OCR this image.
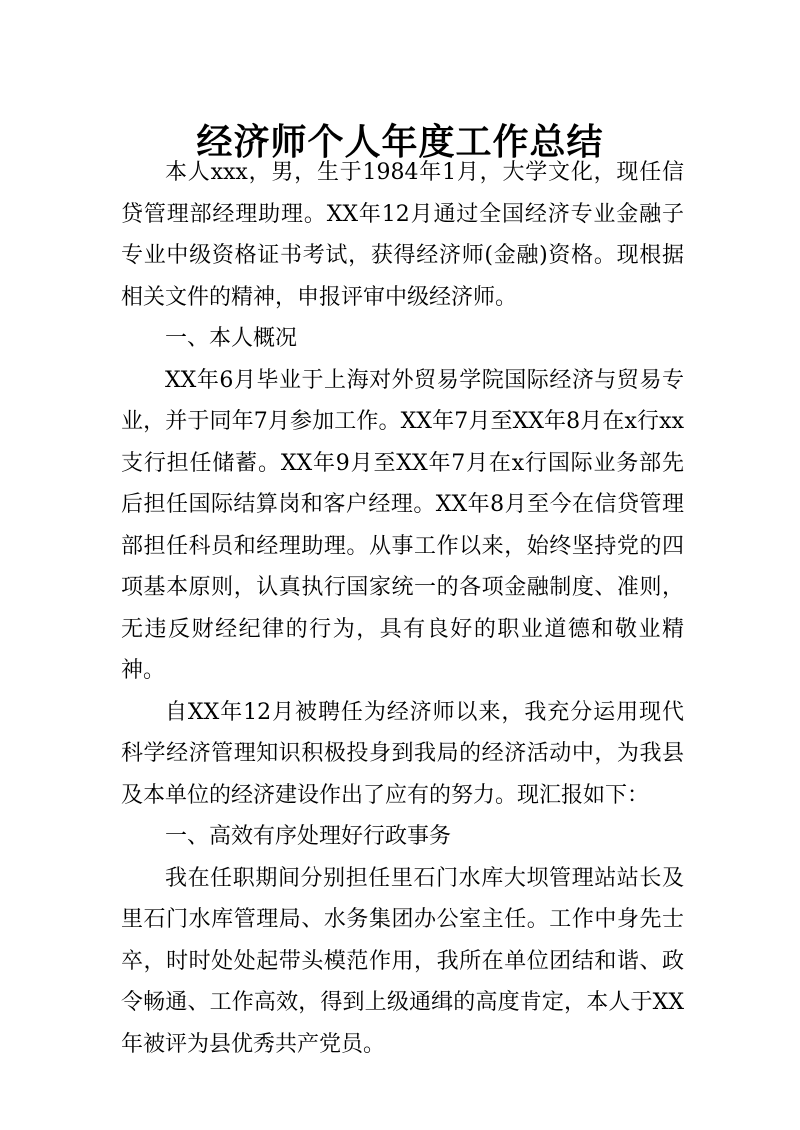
经济师个人年度工作总结

本人xxx，男，生于1984年1月，大学文化，现任信贷管理部经理助理。XX年12月通过全国经济专业金融子专业中级资格证书考试，获得经济师(金融)资格。现根据相关文件的精神，申报评审中级经济师。

一、本人概况

XX年6月毕业于上海对外贸易学院国际经济与贸易专业，并于同年7月参加工作。XX年7月至XX年8月在x行xx支行担任储蓄。XX年9月至XX年7月在x行国际业务部先后担任国际结算岗和客户经理。XX年8月至今在信贷管理部担任科员和经理助理。从事工作以来，始终坚持党的四项基本原则，认真执行国家统一的各项金融制度、准则，无违反财经纪律的行为，具有良好的职业道德和敬业精神。

自XX年12月被聘任为经济师以来，我充分运用现代科学经济管理知识积极投身到我局的经济活动中，为我县及本单位的经济建设作出了应有的努力。现汇报如下：

一、高效有序处理好行政事务

我在任职期间分别担任里石门水库大坝管理站站长及里石门水库管理局、水务集团办公室主任。工作中身先士卒，时时处处起带头模范作用，我所在单位团结和谐、政令畅通、工作高效，得到上级通缉的高度肯定，本人于XX年被评为县优秀共产党员。
